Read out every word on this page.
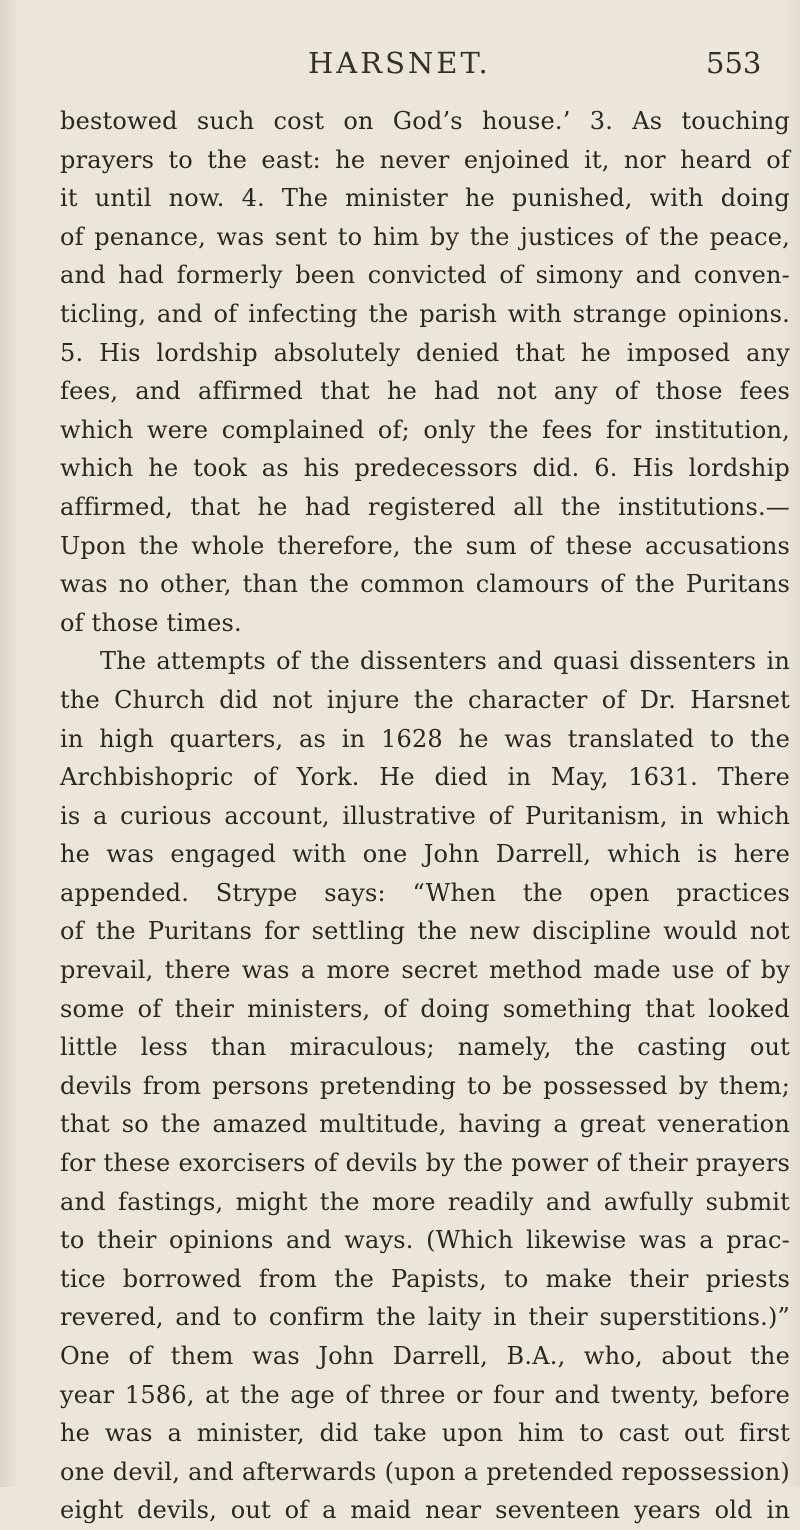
HARSNET.	553
bestowed such cost on God’s house.’ 3. As touching
prayers to the east: he never enjoined it, nor heard of
it until now. 4. The minister he punished, with doing
of penance, was sent to him by the justices of the peace,
and had formerly been convicted of simony and conven-
ticling, and of infecting the parish with strange opinions.
5. His lordship absolutely denied that he imposed any
fees, and affirmed that he had not any of those fees
which were complained of; only the fees for institution,
which he took as his predecessors did. 6. His lordship
affirmed, that he had registered all the institutions.—
Upon the whole therefore, the sum of these accusations
was no other, than the common clamours of the Puritans
of those times.
The attempts of the dissenters and quasi dissenters in
the Church did not injure the character of Dr. Harsnet
in high quarters, as in 1628 he was translated to the
Archbishopric of York. He died in May, 1631. There
is a curious account, illustrative of Puritanism, in which
he was engaged with one John Darrell, which is here
appended. Strype says: “When the open practices
of the Puritans for settling the new discipline would not
prevail, there was a more secret method made use of by
some of their ministers, of doing something that looked
little less than miraculous; namely, the casting out
devils from persons pretending to be possessed by them;
that so the amazed multitude, having a great veneration
for these exorcisers of devils by the power of their prayers
and fastings, might the more readily and awfully submit
to their opinions and ways. (Which likewise was a prac-
tice borrowed from the Papists, to make their priests
revered, and to confirm the laity in their superstitions.)”
One of them was John Darrell, B.A., who, about the
year 1586, at the age of three or four and twenty, before
he was a minister, did take upon him to cast out first
one devil, and afterwards (upon a pretended repossession)
eight devils, out of a maid near seventeen years old in
